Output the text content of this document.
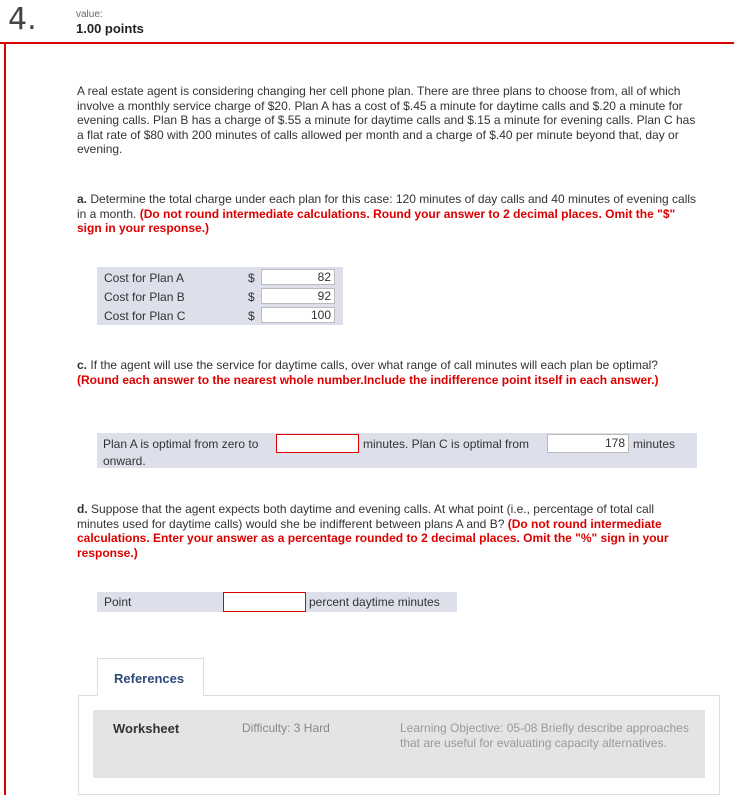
4.	value:
1.00 points
A real estate agent is considering changing her cell phone plan. There are three plans to choose from, all of which involve a monthly service charge of $20. Plan A has a cost of $.45 a minute for daytime calls and $.20 a minute for evening calls. Plan B has a charge of $.55 a minute for daytime calls and $.15 a minute for evening calls. Plan C has a flat rate of $80 with 200 minutes of calls allowed per month and a charge of $.40 per minute beyond that, day or evening.
a. Determine the total charge under each plan for this case: 120 minutes of day calls and 40 minutes of evening calls in a month. (Do not round intermediate calculations. Round your answer to 2 decimal places. Omit the "$" sign in your response.)
Cost for Plan A	$	82
Cost for Plan B	$	92
Cost for Plan C	$	100
c. If the agent will use the service for daytime calls, over what range of call minutes will each plan be optimal? (Round each answer to the nearest whole number.Include the indifference point itself in each answer.)
Plan A is optimal from zero to	minutes. Plan C is optimal from	178 minutes
onward.
d. Suppose that the agent expects both daytime and evening calls. At what point (i.e., percentage of total call minutes used for daytime calls) would she be indifferent between plans A and B? (Do not round intermediate calculations. Enter your answer as a percentage rounded to 2 decimal places. Omit the "%" sign in your response.)
Point	percent daytime minutes
References
Worksheet	Difficulty: 3 Hard	Learning Objective: 05-08 Briefly describe approaches that are useful for evaluating capacity alternatives.
